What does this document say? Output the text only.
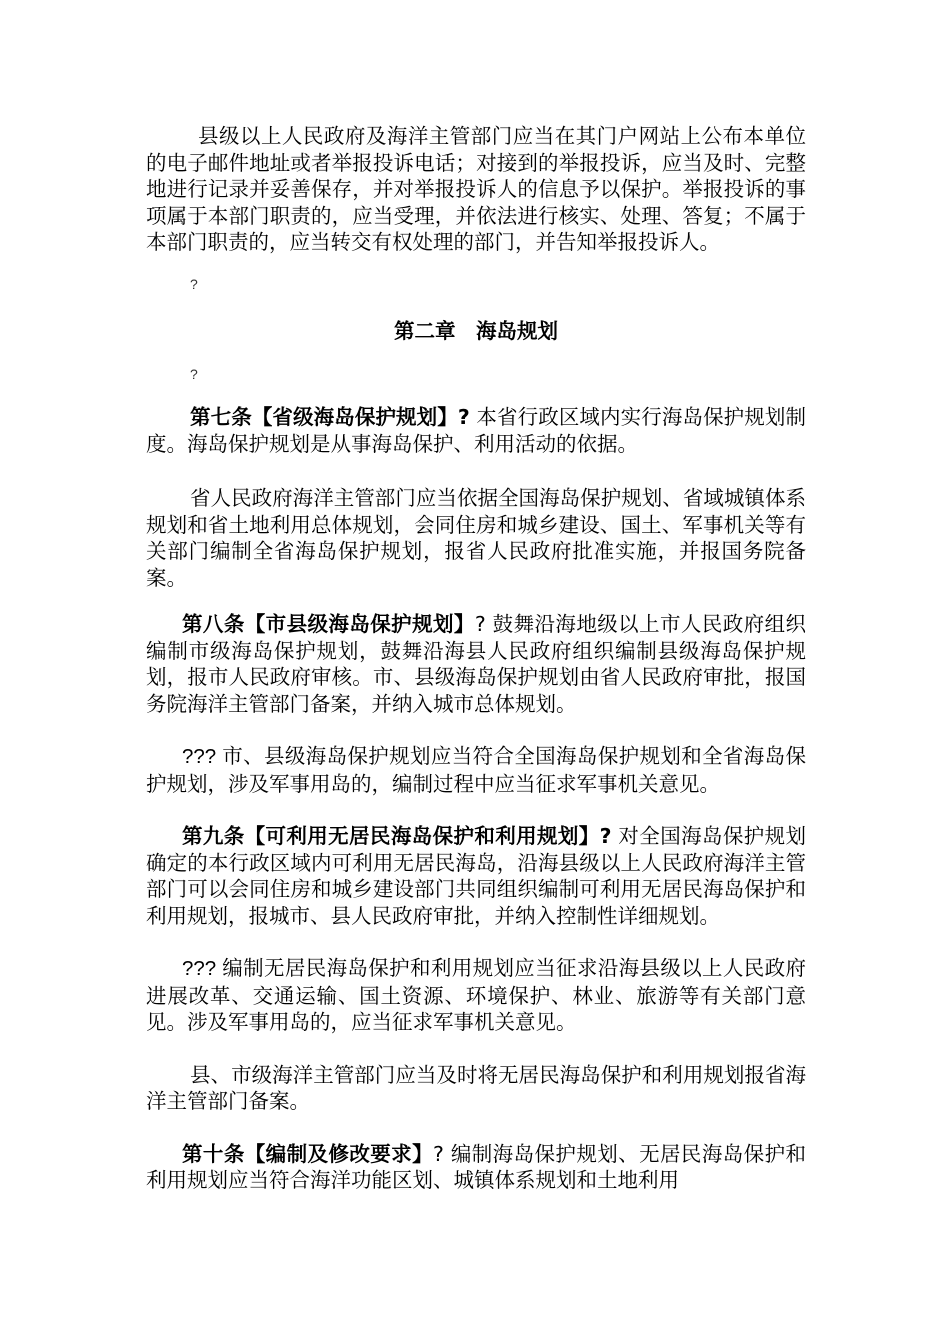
县级以上人民政府及海洋主管部门应当在其门户网站上公布本单位的电子邮件地址或者举报投诉电话；对接到的举报投诉，应当及时、完整地进行记录并妥善保存，并对举报投诉人的信息予以保护。举报投诉的事项属于本部门职责的，应当受理，并依法进行核实、处理、答复；不属于本部门职责的，应当转交有权处理的部门，并告知举报投诉人。

?

第二章　海岛规划

?

第七条【省级海岛保护规划】? 本省行政区域内实行海岛保护规划制度。海岛保护规划是从事海岛保护、利用活动的依据。

省人民政府海洋主管部门应当依据全国海岛保护规划、省域城镇体系规划和省土地利用总体规划，会同住房和城乡建设、国土、军事机关等有关部门编制全省海岛保护规划，报省人民政府批准实施，并报国务院备案。

第八条【市县级海岛保护规划】? 鼓舞沿海地级以上市人民政府组织编制市级海岛保护规划，鼓舞沿海县人民政府组织编制县级海岛保护规划，报市人民政府审核。市、县级海岛保护规划由省人民政府审批，报国务院海洋主管部门备案，并纳入城市总体规划。

??? 市、县级海岛保护规划应当符合全国海岛保护规划和全省海岛保护规划，涉及军事用岛的，编制过程中应当征求军事机关意见。

第九条【可利用无居民海岛保护和利用规划】? 对全国海岛保护规划确定的本行政区域内可利用无居民海岛，沿海县级以上人民政府海洋主管部门可以会同住房和城乡建设部门共同组织编制可利用无居民海岛保护和利用规划，报城市、县人民政府审批，并纳入控制性详细规划。

??? 编制无居民海岛保护和利用规划应当征求沿海县级以上人民政府进展改革、交通运输、国土资源、环境保护、林业、旅游等有关部门意见。涉及军事用岛的，应当征求军事机关意见。

县、市级海洋主管部门应当及时将无居民海岛保护和利用规划报省海洋主管部门备案。

第十条【编制及修改要求】? 编制海岛保护规划、无居民海岛保护和利用规划应当符合海洋功能区划、城镇体系规划和土地利用
